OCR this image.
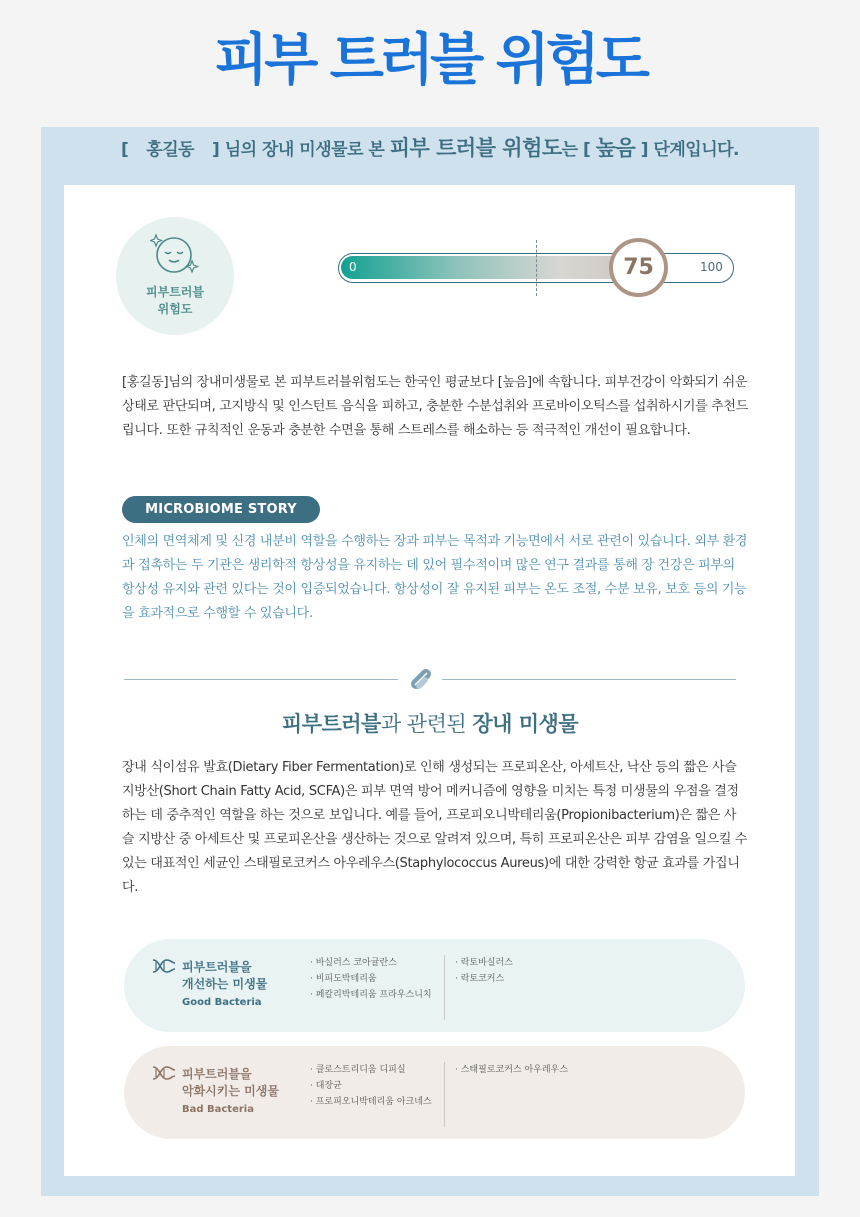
피부 트러블 위험도
[ 홍길동 ] 님의 장내 미생물로 본 피부 트러블 위험도는 [ 높음 ] 단계입니다.
피부트러블
위험도
0	100
75

[홍길동]님의 장내미생물로 본 피부트러블위험도는 한국인 평균보다 [높음]에 속합니다. 피부건강이 악화되기 쉬운 상태로 판단되며, 고지방식 및 인스턴트 음식을 피하고, 충분한 수분섭취와 프로바이오틱스를 섭취하시기를 추천드립니다. 또한 규칙적인 운동과 충분한 수면을 통해 스트레스를 해소하는 등 적극적인 개선이 필요합니다.

MICROBIOME STORY

인체의 면역체계 및 신경 내분비 역할을 수행하는 장과 피부는 목적과 기능면에서 서로 관련이 있습니다. 외부 환경과 접촉하는 두 기관은 생리학적 항상성을 유지하는 데 있어 필수적이며 많은 연구 결과를 통해 장 건강은 피부의 항상성 유지와 관련 있다는 것이 입증되었습니다. 항상성이 잘 유지된 피부는 온도 조절, 수분 보유, 보호 등의 기능을 효과적으로 수행할 수 있습니다.

피부트러블과 관련된 장내 미생물

장내 식이섬유 발효(Dietary Fiber Fermentation)로 인해 생성되는 프로피온산, 아세트산, 낙산 등의 짧은 사슬 지방산(Short Chain Fatty Acid, SCFA)은 피부 면역 방어 메커니즘에 영향을 미치는 특정 미생물의 우점을 결정하는 데 중추적인 역할을 하는 것으로 보입니다. 예를 들어, 프로피오니박테리움(Propionibacterium)은 짧은 사슬 지방산 중 아세트산 및 프로피온산을 생산하는 것으로 알려져 있으며, 특히 프로피온산은 피부 감염을 일으킬 수 있는 대표적인 세균인 스태필로코커스 아우레우스(Staphylococcus Aureus)에 대한 강력한 항균 효과를 가집니다.

피부트러블을
개선하는 미생물
Good Bacteria
· 바실러스 코아귤란스
· 비피도박테리움
· 페칼리박테리움 프라우스니치
· 락토바실러스
· 락토코커스
피부트러블을
악화시키는 미생물
Bad Bacteria
· 클로스트리디움 디피실
· 대장균
· 프로피오니박테리움 아크네스
· 스태필로코커스 아우레우스
